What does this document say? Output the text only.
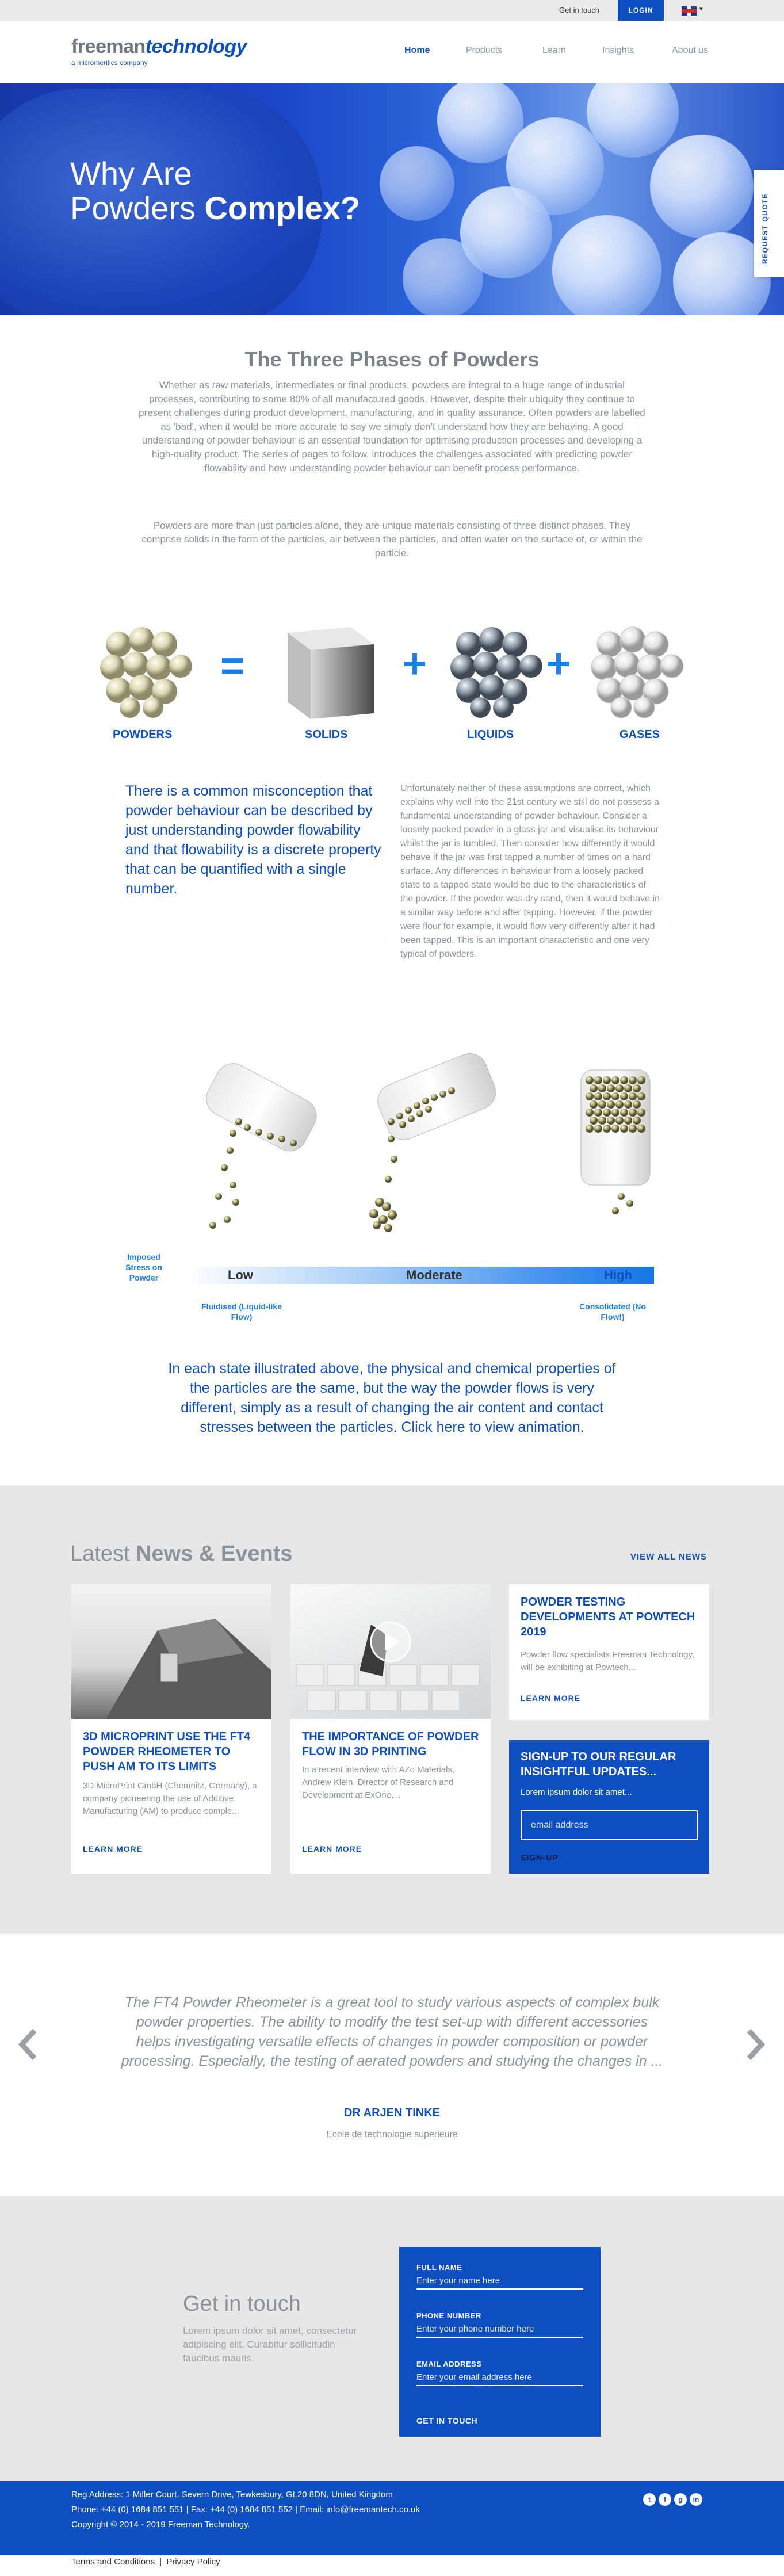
Get in touch	LOGIN	▾
freemantechnology
a micromeritics company
Home	Products	Learn	Insights	About us
Why Are
Powders Complex?	REQUEST QUOTE
The Three Phases of Powders

Whether as raw materials, intermediates or final products, powders are integral to a huge range of industrial processes, contributing to some 80% of all manufactured goods. However, despite their ubiquity they continue to present challenges during product development, manufacturing, and in quality assurance. Often powders are labelled as 'bad', when it would be more accurate to say we simply don't understand how they are behaving. A good understanding of powder behaviour is an essential foundation for optimising production processes and developing a high-quality product. The series of pages to follow, introduces the challenges associated with predicting powder flowability and how understanding powder behaviour can benefit process performance.

Powders are more than just particles alone, they are unique materials consisting of three distinct phases. They comprise solids in the form of the particles, air between the particles, and often water on the surface of, or within the particle.

=	+	+
POWDERS	SOLIDS	LIQUIDS	GASES

There is a common misconception that powder behaviour can be described by just understanding powder flowability and that flowability is a discrete property that can be quantified with a single number.

Unfortunately neither of these assumptions are correct, which explains why well into the 21st century we still do not possess a fundamental understanding of powder behaviour. Consider a loosely packed powder in a glass jar and visualise its behaviour whilst the jar is tumbled. Then consider how differently it would behave if the jar was first tapped a number of times on a hard surface. Any differences in behaviour from a loosely packed state to a tapped state would be due to the characteristics of the powder. If the powder was dry sand, then it would behave in a similar way before and after tapping. However, if the powder were flour for example, it would flow very differently after it had been tapped. This is an important characteristic and one very typical of powders.

Imposed Stress on Powder	Low	Moderate	High
Fluidised (Liquid-like Flow)
Consolidated (No Flow!)

In each state illustrated above, the physical and chemical properties of the particles are the same, but the way the powder flows is very different, simply as a result of changing the air content and contact stresses between the particles. Click here to view animation.

Latest News & Events	VIEW ALL NEWS
3D MICROPRINT USE THE FT4 POWDER RHEOMETER TO PUSH AM TO ITS LIMITS

3D MicroPrint GmbH (Chemnitz, Germany), a company pioneering the use of Additive Manufacturing (AM) to produce comple...

LEARN MORE
THE IMPORTANCE OF POWDER FLOW IN 3D PRINTING

In a recent interview with AZo Materials, Andrew Klein, Director of Research and Development at ExOne,...

LEARN MORE
POWDER TESTING DEVELOPMENTS AT POWTECH 2019

Powder flow specialists Freeman Technology, will be exhibiting at Powtech...

LEARN MORE
SIGN-UP TO OUR REGULAR INSIGHTFUL UPDATES...

Lorem ipsum dolor sit amet...

email address
SIGN-UP

The FT4 Powder Rheometer is a great tool to study various aspects of complex bulk powder properties. The ability to modify the test set-up with different accessories helps investigating versatile effects of changes in powder composition or powder processing. Especially, the testing of aerated powders and studying the changes in ...

DR ARJEN TINKE
Ecole de technologie superieure
Get in touch

Lorem ipsum dolor sit amet, consectetur adipiscing elit. Curabitur sollicitudin faucibus mauris.

FULL NAME
Enter your name here
PHONE NUMBER
Enter your phone number here
EMAIL ADDRESS
Enter your email address here
GET IN TOUCH
Reg Address: 1 Miller Court, Severn Drive, Tewkesbury, GL20 8DN, United Kingdom
Phone: +44 (0) 1684 851 551 | Fax: +44 (0) 1684 851 552 | Email: info@freemantech.co.uk
Copyright © 2014 - 2019 Freeman Technology.
t	f	g	in
Terms and Conditions | Privacy Policy
